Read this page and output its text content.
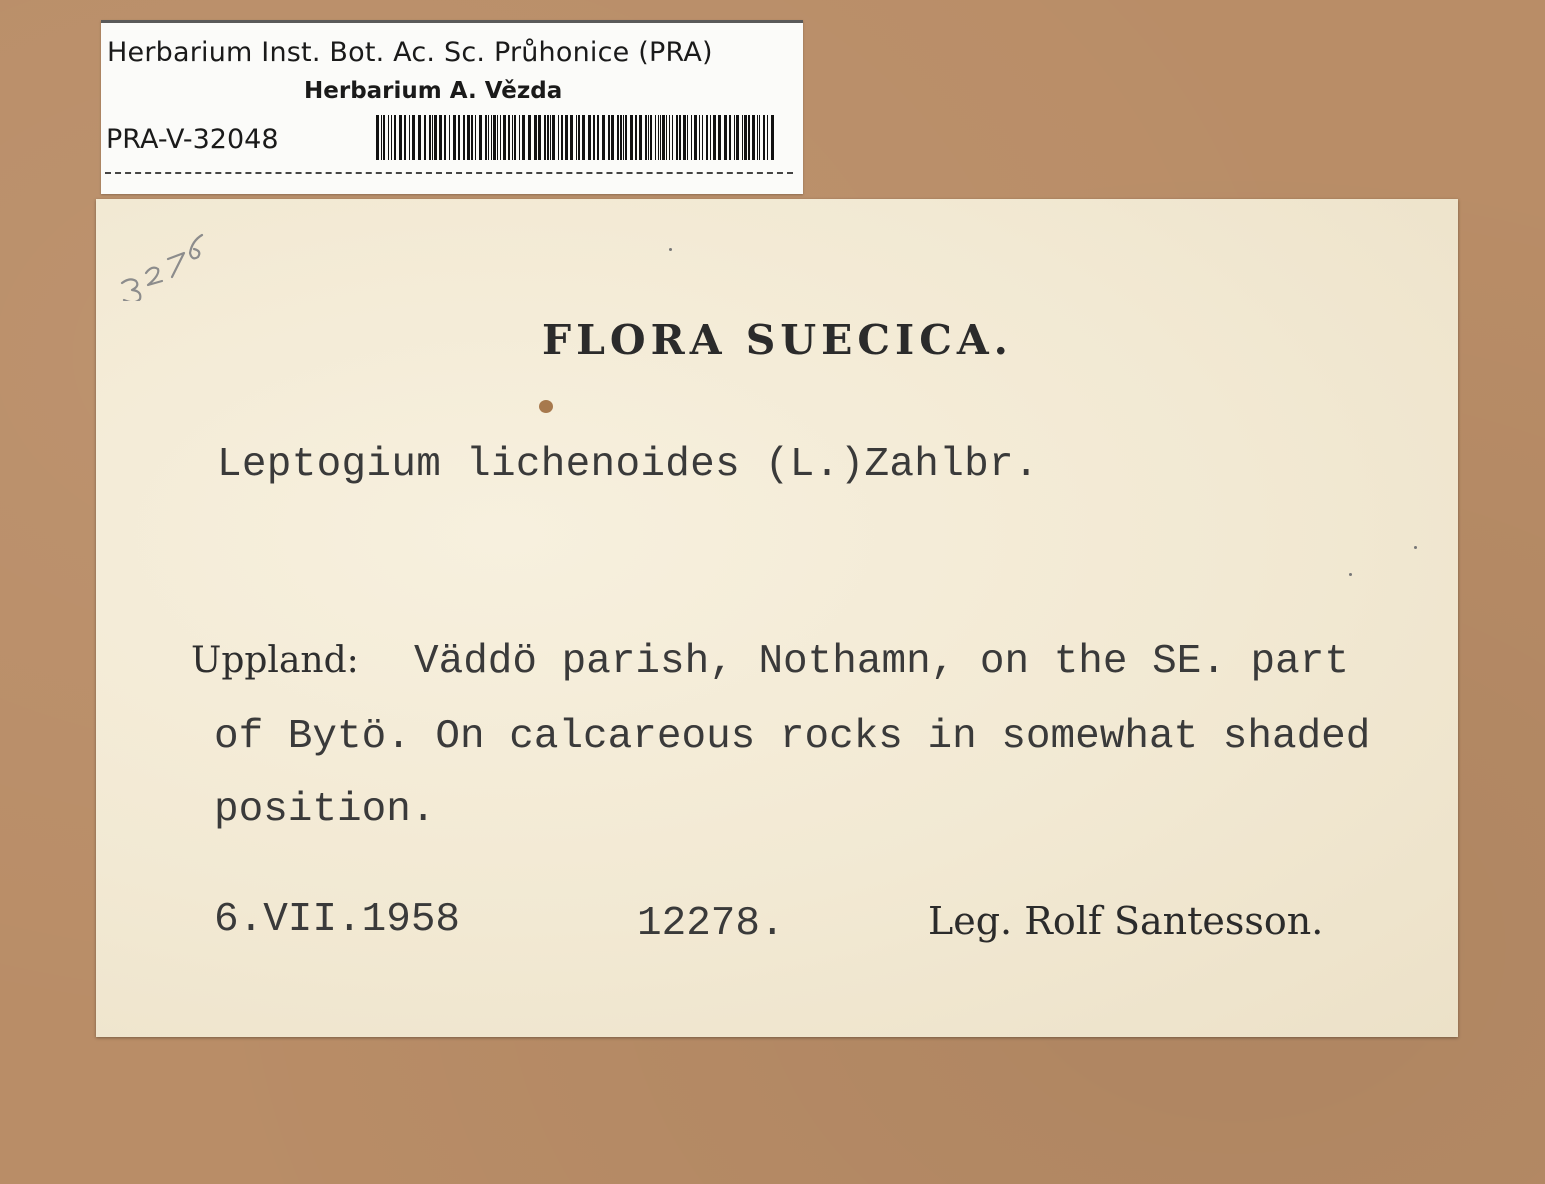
Herbarium Inst. Bot. Ac. Sc. Průhonice (PRA)
Herbarium A. Vězda
PRA-V-32048
FLORA SUECICA.
Leptogium lichenoides (L.)Zahlbr.
Uppland: Väddö parish, Nothamn, on the SE. part
of Bytö. On calcareous rocks in somewhat shaded
position.
6.VII.1958	12278.	Leg. Rolf Santesson.
